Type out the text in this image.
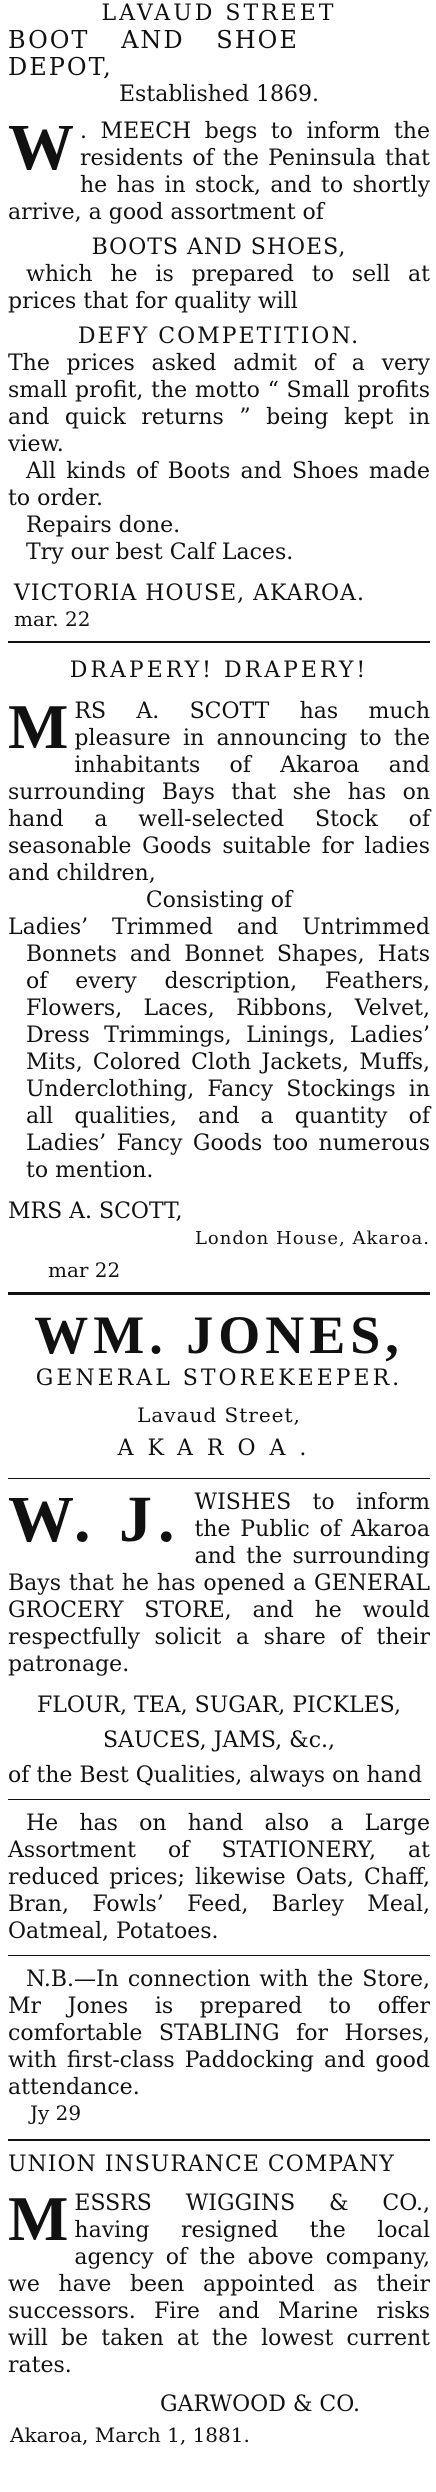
LAVAUD STREET

BOOT AND SHOE DEPOT,

Established 1869.

W . MEECH begs to inform the residents of the Peninsula that he has in stock, and to shortly arrive, a good assortment of

BOOTS AND SHOES,

which he is prepared to sell at prices that for quality will

DEFY COMPETITION.

The prices asked admit of a very small profit, the motto “ Small profits and quick returns ” being kept in view.

All kinds of Boots and Shoes made to order.

Repairs done.

Try our best Calf Laces.

VICTORIA HOUSE, AKAROA.

mar. 22

DRAPERY! DRAPERY!

M RS A. SCOTT has much pleasure in announcing to the inhabitants of Akaroa and surrounding Bays that she has on hand a well-selected Stock of seasonable Goods suitable for ladies and children,

Consisting of

Ladies’ Trimmed and Untrimmed Bonnets and Bonnet Shapes, Hats of every description, Feathers, Flowers, Laces, Ribbons, Velvet, Dress Trimmings, Linings, Ladies’ Mits, Colored Cloth Jackets, Muffs, Underclothing, Fancy Stockings in all qualities, and a quantity of Ladies’ Fancy Goods too numerous to mention.

MRS A. SCOTT,

London House, Akaroa.

mar 22

WM. JONES,

GENERAL STOREKEEPER.

Lavaud Street,

AKAROA.

W. J. WISHES to inform the Public of Akaroa and the surrounding Bays that he has opened a GENERAL GROCERY STORE, and he would respectfully solicit a share of their patronage.

FLOUR, TEA, SUGAR, PICKLES,

SAUCES, JAMS, &c.,

of the Best Qualities, always on hand

He has on hand also a Large Assortment of STATIONERY, at reduced prices; likewise Oats, Chaff, Bran, Fowls’ Feed, Barley Meal, Oatmeal, Potatoes.

N.B.—In connection with the Store, Mr Jones is prepared to offer comfortable STABLING for Horses, with first-class Paddocking and good attendance.

Jy 29

UNION INSURANCE COMPANY

M ESSRS WIGGINS & CO., having resigned the local agency of the above company, we have been appointed as their successors. Fire and Marine risks will be taken at the lowest current rates.

GARWOOD & CO.

Akaroa, March 1, 1881.
